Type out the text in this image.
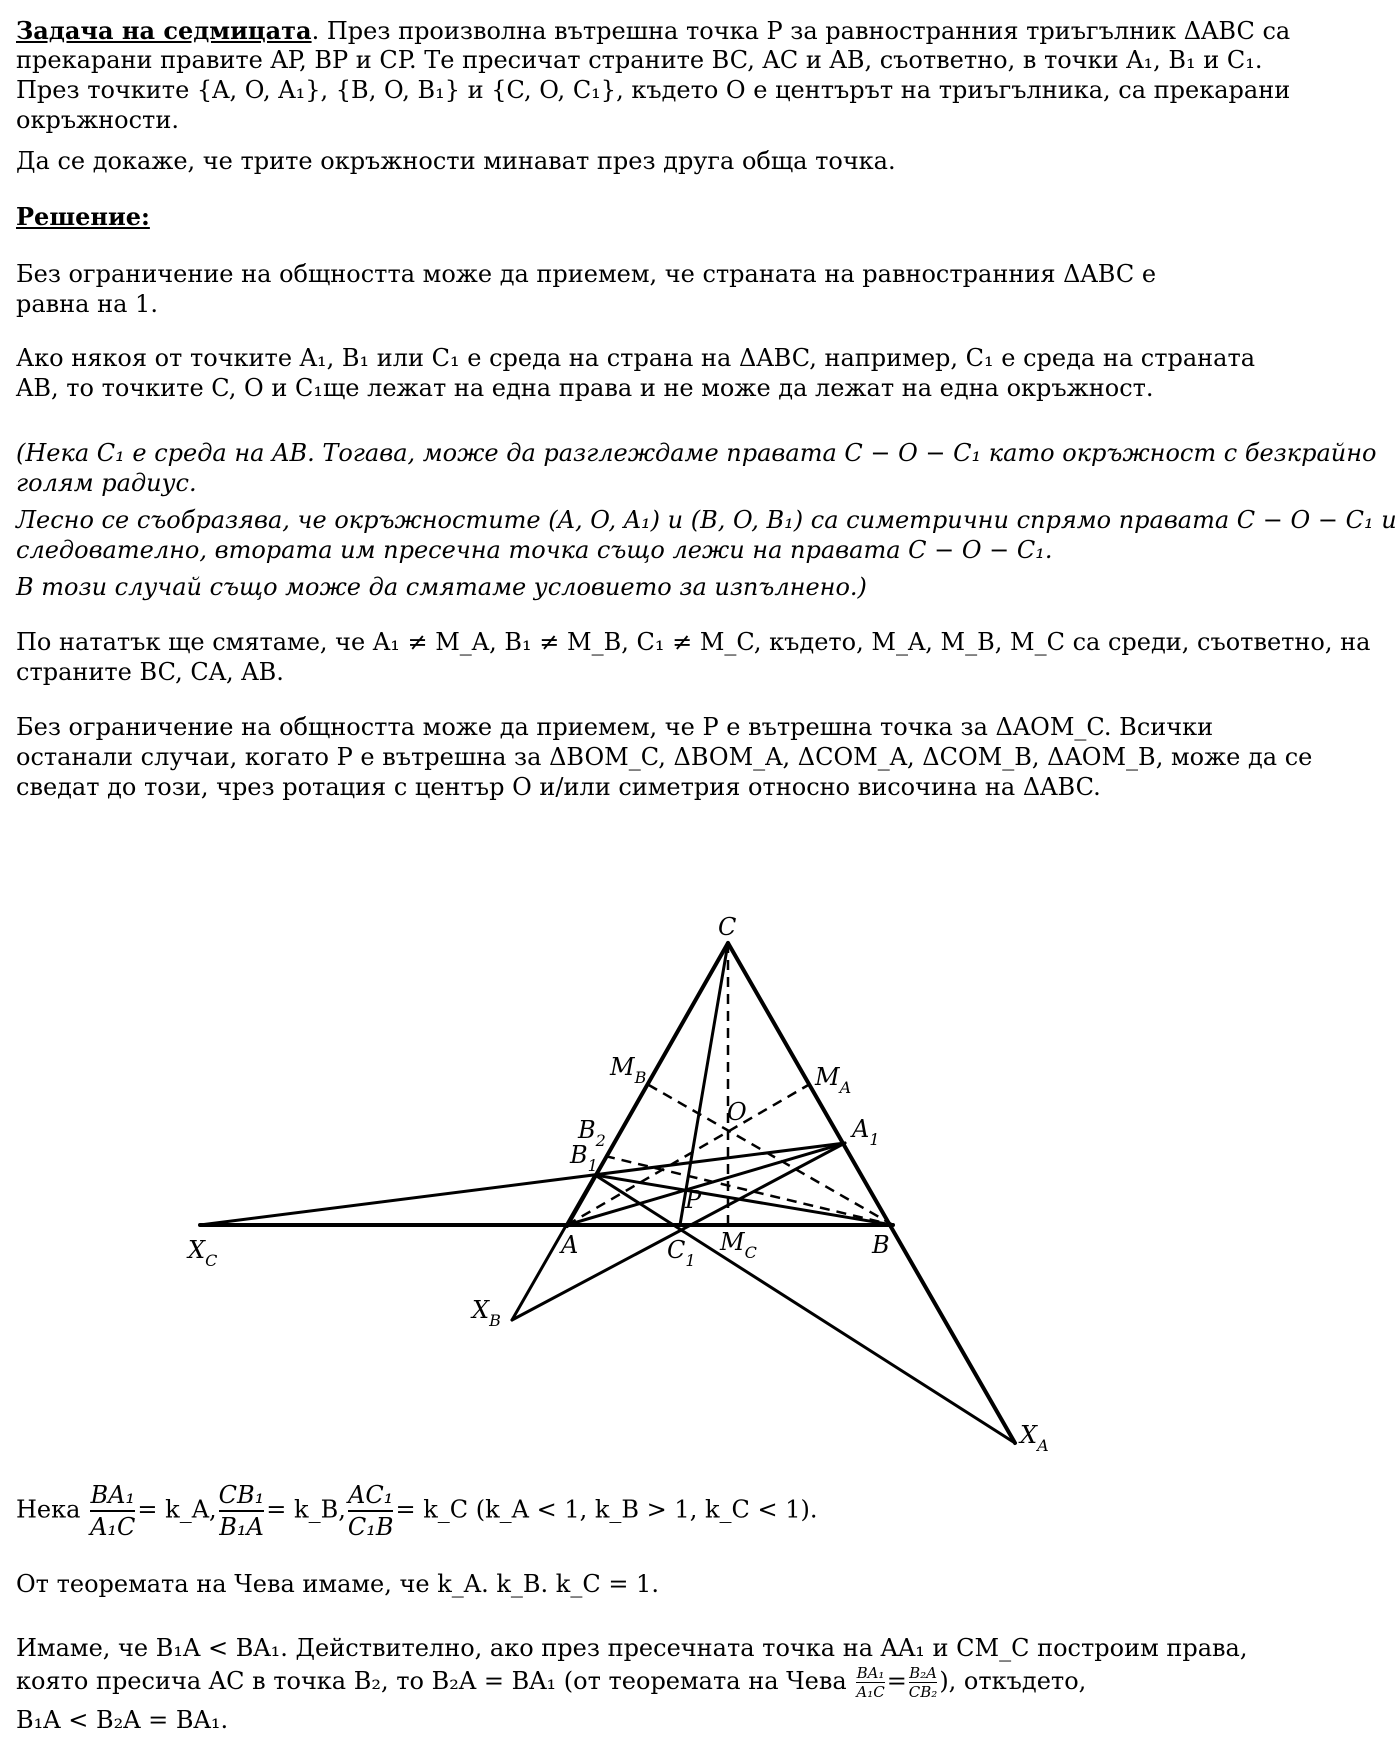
Задача на седмицата. През произволна вътрешна точка P за равностранния триъгълник ΔABC са

прекарани правите AP, BP и CP. Те пресичат страните BC, AC и AB, съответно, в точки A₁, B₁ и C₁.

През точките {A, O, A₁}, {B, O, B₁} и {C, O, C₁}, където O е центърът на триъгълника, са прекарани

окръжности.

Да се докаже, че трите окръжности минават през друга обща точка.

Решение:

Без ограничение на общността може да приемем, че страната на равностранния ΔABC е

равна на 1.

Ако някоя от точките A₁, B₁ или C₁ е среда на страна на ΔABC, например, C₁ е среда на страната

AB, то точките C, O и C₁ще лежат на една права и не може да лежат на една окръжност.

(Нека C₁ е среда на AB. Тогава, може да разглеждаме правата C − O − C₁ като окръжност с безкрайно

голям радиус.

Лесно се съобразява, че окръжностите (A, O, A₁) и (B, O, B₁) са симетрични спрямо правата C − O − C₁ и

следователно, втората им пресечна точка също лежи на правата C − O − C₁.

В този случай също може да смятаме условието за изпълнено.)

По нататък ще смятаме, че A₁ ≠ M_A, B₁ ≠ M_B, C₁ ≠ M_C, където, M_A, M_B, M_C са среди, съответно, на

страните BC, CA, AB.

Без ограничение на общността може да приемем, че P е вътрешна точка за ΔAOM_C. Всички

останали случаи, когато P е вътрешна за ΔBOM_C, ΔBOM_A, ΔCOM_A, ΔCOM_B, ΔAOM_B, може да се

сведат до този, чрез ротация с център O и/или симетрия относно височина на ΔABC.

C
O
$M_B$	$M_A$
$B_2$	$A_1$
$B_1$
P
A	B
$C_1$
$M_C$
$X_C$
$X_B$
$X_A$
Нека $\frac{\text{BA₁}}{\text{A₁C}}$ = k_A, $\frac{\text{CB₁}}{\text{B₁A}}$ = k_B, $\frac{\text{AC₁}}{\text{C₁B}}$ = k_C (k_A < 1, k_B > 1, k_C < 1).

От теоремата на Чева имаме, че k_A. k_B. k_C = 1.

Имаме, че B₁A < BA₁. Действително, ако през пресечната точка на AA₁ и CM_C построим права,

която пресича AC в точка B₂, то B₂A = BA₁ (от теоремата на Чева $\frac{\text{BA₁}}{\text{A₁C}} = \frac{\text{B₂A}}{\text{CB₂}}$ ), откъдето,

B₁A < B₂A = BA₁.
